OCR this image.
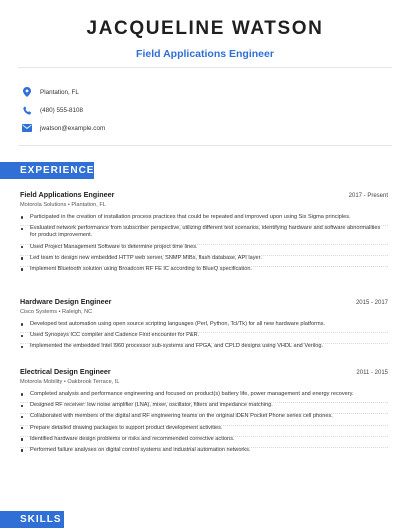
JACQUELINE WATSON
Field Applications Engineer
Plantation, FL
(480) 555-8108
jwatson@example.com
EXPERIENCE
Field Applications Engineer	2017 - Present
Motorola Solutions • Plantation, FL
Participated in the creation of installation process practices that could be repeated and improved upon using Six Sigma principles.
Evaluated network performance from subscriber perspective, utilizing different test scenarios, identifying hardware and software abnormalities for product improvement.
Used Project Management Software to determine project time lines.
Led team to design new embedded HTTP web server, SNMP MIBs, flash database, API layer.
Implement Bluetooth solution using Broadcom RF FE IC according to BlueQ specification.
Hardware Design Engineer	2015 - 2017
Cisco Systems • Raleigh, NC
Developed test automation using open source scripting languages (Perl, Python, Tcl/Tk) for all new hardware platforms.
Used Synopsys ICC compiler and Cadence First encounter for P&R.
Implemented the embedded Intel I960 processor sub-systems and FPGA, and CPLD designs using VHDL and Verilog.
Electrical Design Engineer	2011 - 2015
Motorola Mobility • Oakbrook Terrace, IL
Completed analysis and performance engineering and focused on product(s) battery life, power management and energy recovery.
Designed RF receiver: low noise amplifier (LNA), mixer, oscillator, filters and impedance matching.
Collaborated with members of the digital and RF engineering teams on the original iDEN Pocket Phone series cell phones.
Prepare detailed drawing packages to support product development activities.
Identified hardware design problems or risks and recommended corrective actions.
Performed failure analyses on digital control systems and industrial automation networks.
SKILLS
